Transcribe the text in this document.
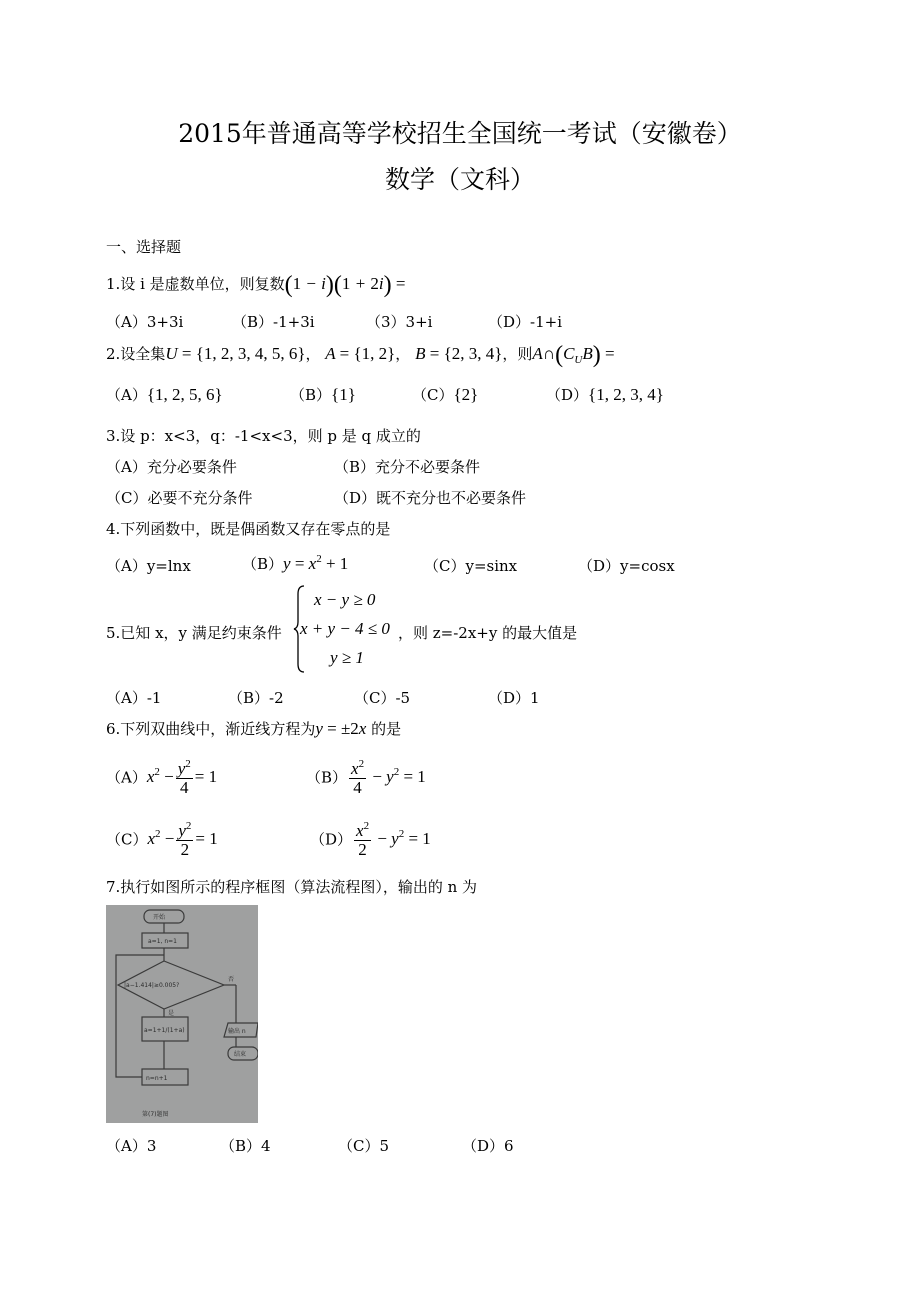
2015年普通高等学校招生全国统一考试（安徽卷）
数学（文科）
一、选择题
1.设 i 是虚数单位，则复数(1 − i)(1 + 2i) =
（A）3+3i	（B）-1+3i	（3）3+i	（D）-1+i
2.设全集U = {1, 2, 3, 4, 5, 6}， A = {1, 2}， B = {2, 3, 4}，则$A\cap(C_UB)$ =
（A）{1, 2, 5, 6}	（B）{1}	（C）{2}	（D）{1, 2, 3, 4}
3.设 p：x<3，q：-1<x<3，则 p 是 q 成立的
（A）充分必要条件	（B）充分不必要条件
（C）必要不充分条件	（D）既不充分也不必要条件
4.下列函数中，既是偶函数又存在零点的是
（A）y=lnx	$(B)y = x^2 + 1$	（C）y=sinx	（D）y=cosx
5.已知 x，y 满足约束条件
x − y ≥ 0
x + y − 4 ≤ 0
y ≥ 1
，则 z=-2x+y 的最大值是
（A）-1	（B）-2	（C）-5	（D）1
6.下列双曲线中，渐近线方程为y = ±2x 的是
$(A)x^2 - \frac{y^2}{4} = 1$	$(B) \frac{x^2}{4} - y^2 = 1$
$(C)x^2 - \frac{y^2}{2} = 1$	$(D) \frac{x^2}{2} - y^2 = 1$
7.执行如图所示的程序框图（算法流程图），输出的 n 为
开始
a=1, n=1
|a−1.414|≥0.005?
否
是
a=1+1/(1+a)
n=n+1
输出 n
结束
第(7)题图
（A）3	（B）4	（C）5	（D）6
